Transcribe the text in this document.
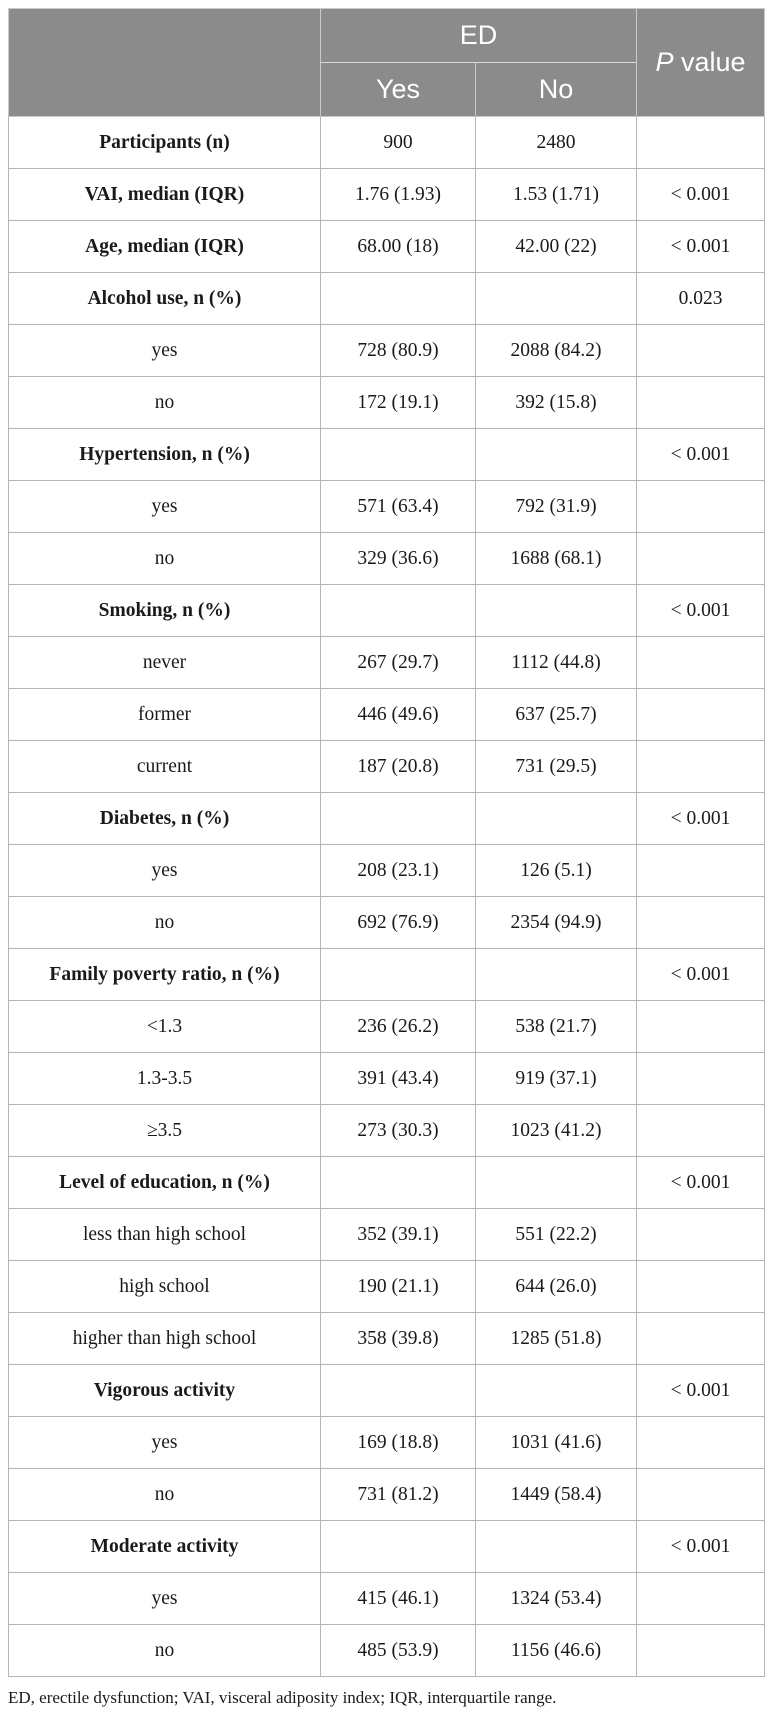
	ED		P value
	Yes	No	
Participants (n)	900	2480	
VAI, median (IQR)	1.76 (1.93)	1.53 (1.71)	< 0.001
Age, median (IQR)	68.00 (18)	42.00 (22)	< 0.001
Alcohol use, n (%)			0.023
yes	728 (80.9)	2088 (84.2)	
no	172 (19.1)	392 (15.8)	
Hypertension, n (%)			< 0.001
yes	571 (63.4)	792 (31.9)	
no	329 (36.6)	1688 (68.1)	
Smoking, n (%)			< 0.001
never	267 (29.7)	1112 (44.8)	
former	446 (49.6)	637 (25.7)	
current	187 (20.8)	731 (29.5)	
Diabetes, n (%)			< 0.001
yes	208 (23.1)	126 (5.1)	
no	692 (76.9)	2354 (94.9)	
Family poverty ratio, n (%)			< 0.001
<1.3	236 (26.2)	538 (21.7)	
1.3-3.5	391 (43.4)	919 (37.1)	
≥3.5	273 (30.3)	1023 (41.2)	
Level of education, n (%)			< 0.001
less than high school	352 (39.1)	551 (22.2)	
high school	190 (21.1)	644 (26.0)	
higher than high school	358 (39.8)	1285 (51.8)	
Vigorous activity			< 0.001
yes	169 (18.8)	1031 (41.6)	
no	731 (81.2)	1449 (58.4)	
Moderate activity			< 0.001
yes	415 (46.1)	1324 (53.4)	
no	485 (53.9)	1156 (46.6)	
ED, erectile dysfunction; VAI, visceral adiposity index; IQR, interquartile range.
